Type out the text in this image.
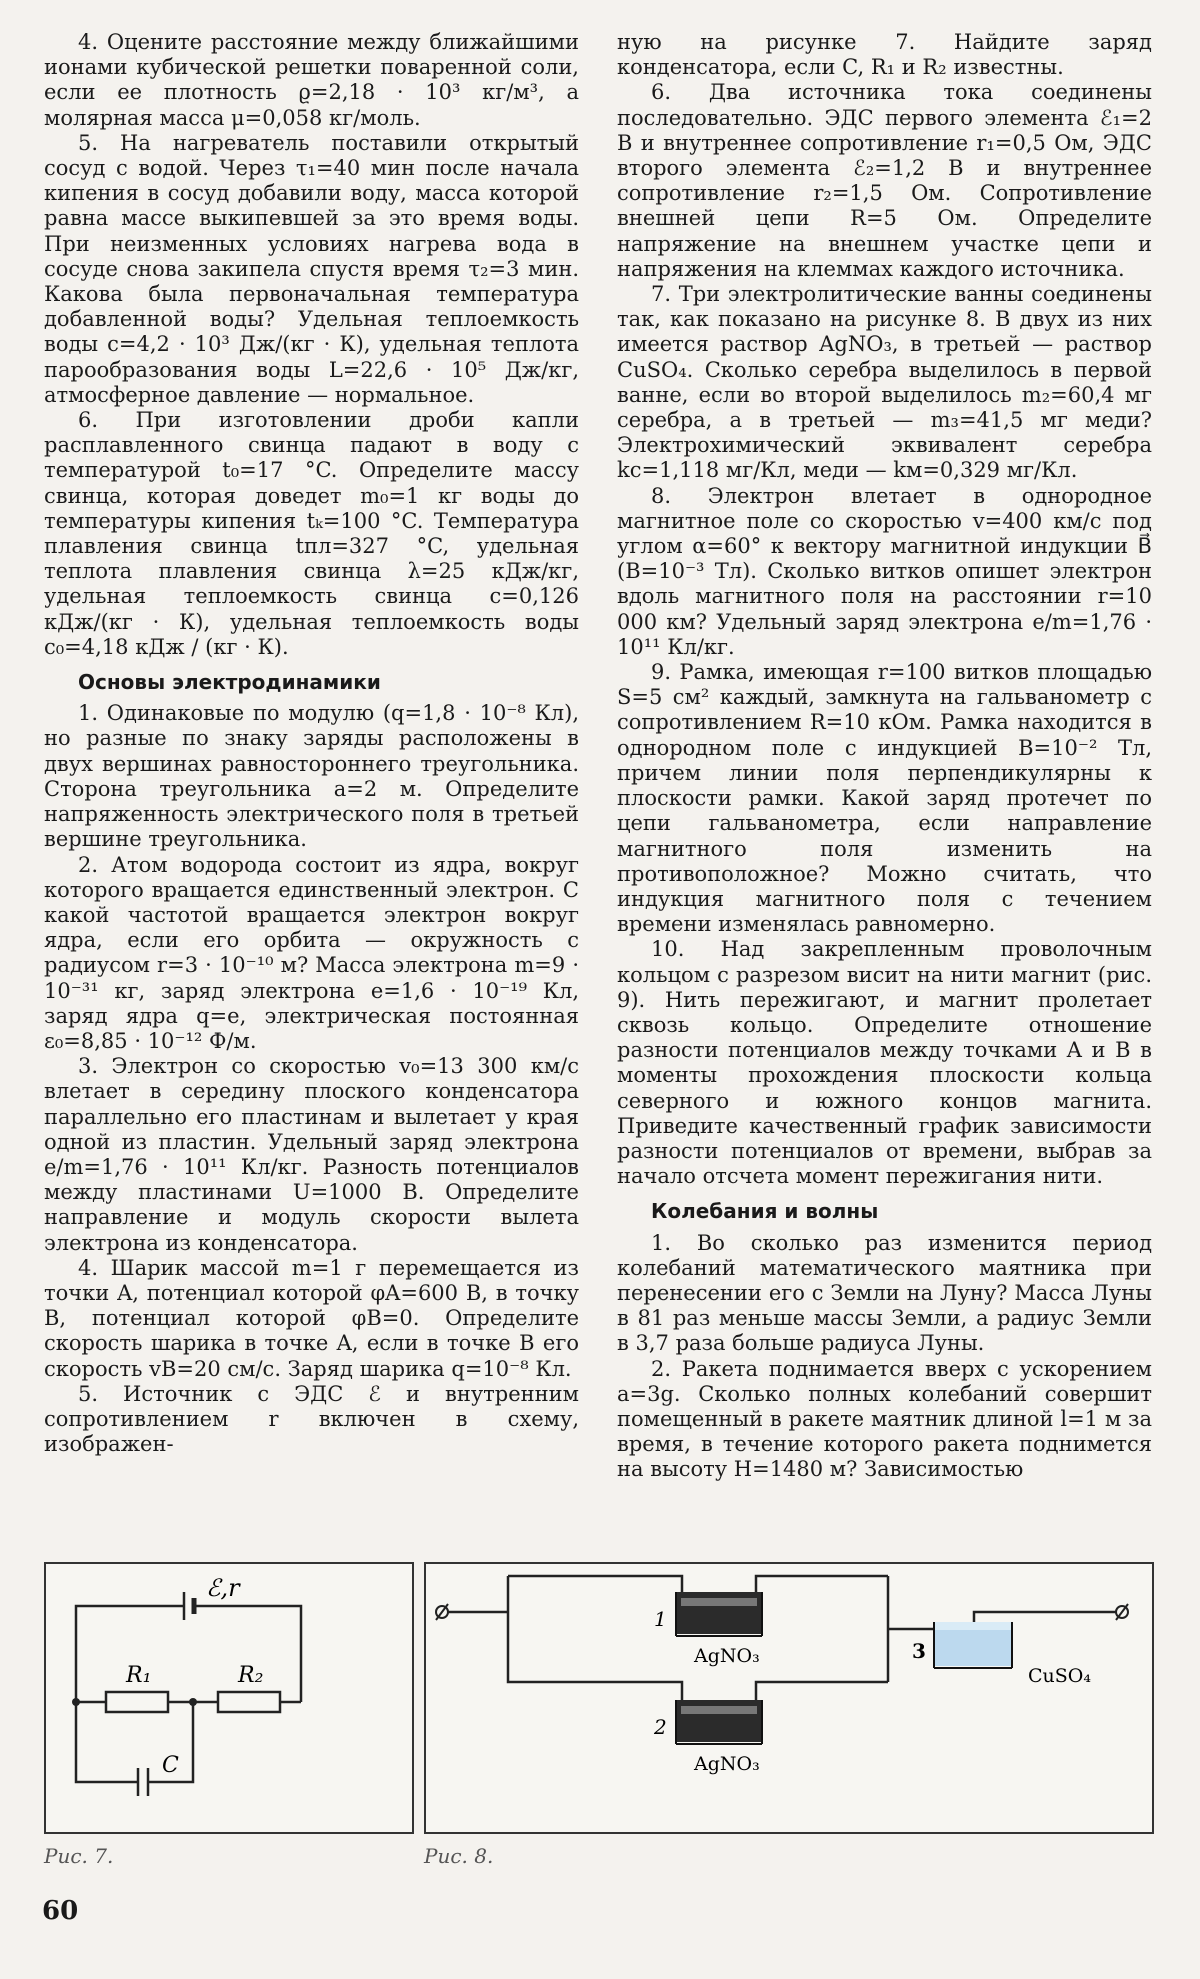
4. Оцените расстояние между ближайшими ионами кубической решетки поваренной соли, если ее плотность ϱ=2,18 · 10³ кг/м³, а молярная масса μ=0,058 кг/моль.

5. На нагреватель поставили открытый сосуд с водой. Через τ₁=40 мин после начала кипения в сосуд добавили воду, масса которой равна массе выкипевшей за это время воды. При неизменных условиях нагрева вода в сосуде снова закипела спустя время τ₂=3 мин. Какова была первоначальная температура добавленной воды? Удельная теплоемкость воды c=4,2 · 10³ Дж/(кг · К), удельная теплота парообразования воды L=22,6 · 10⁵ Дж/кг, атмосферное давление — нормальное.

6. При изготовлении дроби капли расплавленного свинца падают в воду с температурой t₀=17 °C. Определите массу свинца, которая доведет m₀=1 кг воды до температуры кипения tₖ=100 °C. Температура плавления свинца tпл=327 °C, удельная теплота плавления свинца λ=25 кДж/кг, удельная теплоемкость свинца c=0,126 кДж/(кг · К), удельная теплоемкость воды c₀=4,18 кДж / (кг · К).

Основы электродинамики

1. Одинаковые по модулю (q=1,8 · 10⁻⁸ Кл), но разные по знаку заряды расположены в двух вершинах равностороннего треугольника. Сторона треугольника a=2 м. Определите напряженность электрического поля в третьей вершине треугольника.

2. Атом водорода состоит из ядра, вокруг которого вращается единственный электрон. С какой частотой вращается электрон вокруг ядра, если его орбита — окружность с радиусом r=3 · 10⁻¹⁰ м? Масса электрона m=9 · 10⁻³¹ кг, заряд электрона e=1,6 · 10⁻¹⁹ Кл, заряд ядра q=e, электрическая постоянная ε₀=8,85 · 10⁻¹² Ф/м.

3. Электрон со скоростью v₀=13 300 км/с влетает в середину плоского конденсатора параллельно его пластинам и вылетает у края одной из пластин. Удельный заряд электрона e/m=1,76 · 10¹¹ Кл/кг. Разность потенциалов между пластинами U=1000 В. Определите направление и модуль скорости вылета электрона из конденсатора.

4. Шарик массой m=1 г перемещается из точки A, потенциал которой φA=600 В, в точку B, потенциал которой φB=0. Определите скорость шарика в точке A, если в точке B его скорость vB=20 см/с. Заряд шарика q=10⁻⁸ Кл.

5. Источник с ЭДС ℰ и внутренним сопротивлением r включен в схему, изображен-

ную на рисунке 7. Найдите заряд конденсатора, если C, R₁ и R₂ известны.

6. Два источника тока соединены последовательно. ЭДС первого элемента ℰ₁=2 В и внутреннее сопротивление r₁=0,5 Ом, ЭДС второго элемента ℰ₂=1,2 В и внутреннее сопротивление r₂=1,5 Ом. Сопротивление внешней цепи R=5 Ом. Определите напряжение на внешнем участке цепи и напряжения на клеммах каждого источника.

7. Три электролитические ванны соединены так, как показано на рисунке 8. В двух из них имеется раствор AgNO₃, в третьей — раствор CuSO₄. Сколько серебра выделилось в первой ванне, если во второй выделилось m₂=60,4 мг серебра, а в третьей — m₃=41,5 мг меди? Электрохимический эквивалент серебра kс=1,118 мг/Кл, меди — kм=0,329 мг/Кл.

8. Электрон влетает в однородное магнитное поле со скоростью v=400 км/с под углом α=60° к вектору магнитной индукции B⃗ (B=10⁻³ Тл). Сколько витков опишет электрон вдоль магнитного поля на расстоянии r=10 000 км? Удельный заряд электрона e/m=1,76 · 10¹¹ Кл/кг.

9. Рамка, имеющая r=100 витков площадью S=5 см² каждый, замкнута на гальванометр с сопротивлением R=10 кОм. Рамка находится в однородном поле с индукцией B=10⁻² Тл, причем линии поля перпендикулярны к плоскости рамки. Какой заряд протечет по цепи гальванометра, если направление магнитного поля изменить на противоположное? Можно считать, что индукция магнитного поля с течением времени изменялась равномерно.

10. Над закрепленным проволочным кольцом с разрезом висит на нити магнит (рис. 9). Нить пережигают, и магнит пролетает сквозь кольцо. Определите отношение разности потенциалов между точками A и B в моменты прохождения плоскости кольца северного и южного концов магнита. Приведите качественный график зависимости разности потенциалов от времени, выбрав за начало отсчета момент пережигания нити.

Колебания и волны

1. Во сколько раз изменится период колебаний математического маятника при перенесении его с Земли на Луну? Масса Луны в 81 раз меньше массы Земли, а радиус Земли в 3,7 раза больше радиуса Луны.

2. Ракета поднимается вверх с ускорением a=3g. Сколько полных колебаний совершит помещенный в ракете маятник длиной l=1 м за время, в течение которого ракета поднимется на высоту H=1480 м? Зависимостью

ℰ,r
R₁	R₂
C
1
AgNO₃
2
AgNO₃
3
CuSO₄
Рис. 7.	Рис. 8.
60
